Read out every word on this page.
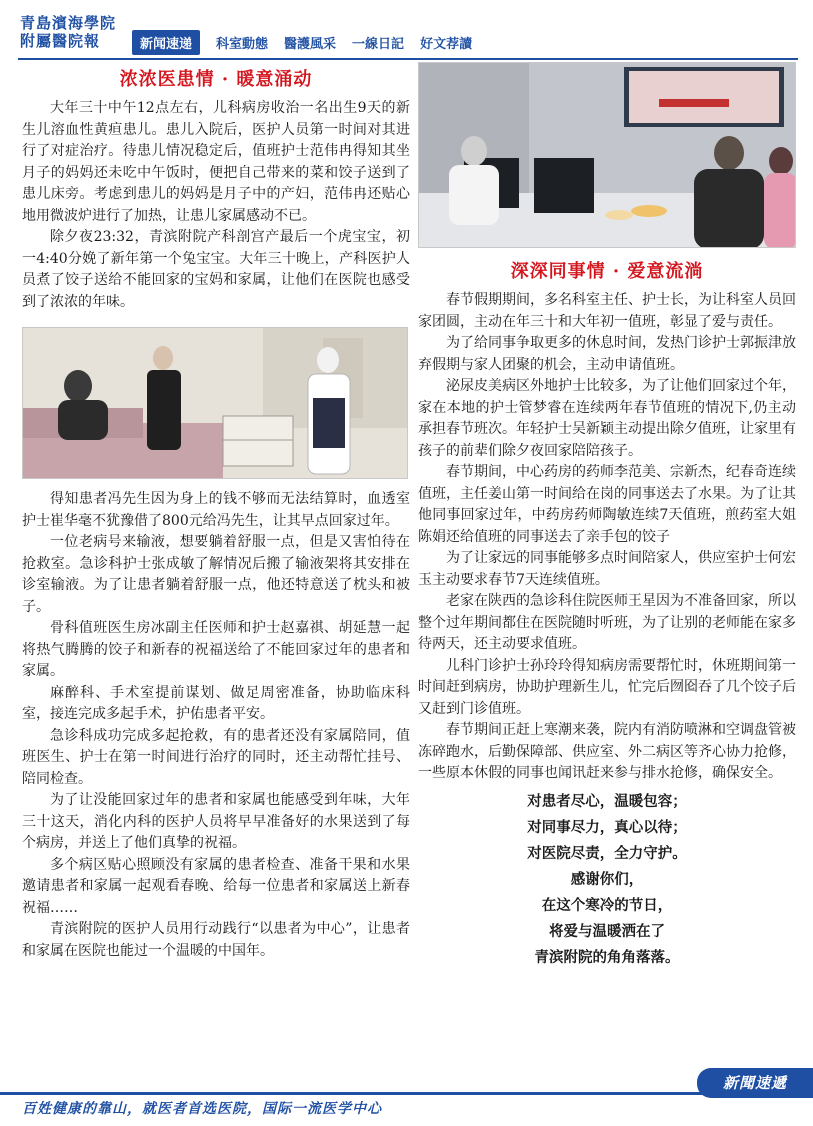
青島濱海學院
附屬醫院報	新闻速递	科室動態 醫護風采 一線日記 好文荐讀
浓浓医患情 · 暖意涌动

大年三十中午12点左右，儿科病房收治一名出生9天的新生儿溶血性黄疸患儿。患儿入院后，医护人员第一时间对其进行了对症治疗。待患儿情况稳定后，值班护士范伟冉得知其坐月子的妈妈还未吃中午饭时，便把自己带来的菜和饺子送到了患儿床旁。考虑到患儿的妈妈是月子中的产妇，范伟冉还贴心地用微波炉进行了加热，让患儿家属感动不已。

除夕夜23:32，青滨附院产科剖宫产最后一个虎宝宝，初一4:40分娩了新年第一个兔宝宝。大年三十晚上，产科医护人员煮了饺子送给不能回家的宝妈和家属，让他们在医院也感受到了浓浓的年味。

得知患者冯先生因为身上的钱不够而无法结算时，血透室护士崔华毫不犹豫借了800元给冯先生，让其早点回家过年。

一位老病号来输液，想要躺着舒服一点，但是又害怕待在抢救室。急诊科护士张成敏了解情况后搬了输液架将其安排在诊室输液。为了让患者躺着舒服一点，他还特意送了枕头和被子。

骨科值班医生房冰副主任医师和护士赵嘉祺、胡延慧一起将热气腾腾的饺子和新春的祝福送给了不能回家过年的患者和家属。

麻醉科、手术室提前谋划、做足周密准备，协助临床科室，接连完成多起手术，护佑患者平安。

急诊科成功完成多起抢救，有的患者还没有家属陪同，值班医生、护士在第一时间进行治疗的同时，还主动帮忙挂号、陪同检查。

为了让没能回家过年的患者和家属也能感受到年味，大年三十这天，消化内科的医护人员将早早准备好的水果送到了每个病房，并送上了他们真挚的祝福。

多个病区贴心照顾没有家属的患者检查、准备干果和水果邀请患者和家属一起观看春晚、给每一位患者和家属送上新春祝福……

青滨附院的医护人员用行动践行“以患者为中心”，让患者和家属在医院也能过一个温暖的中国年。

深深同事情 · 爱意流淌

春节假期期间，多名科室主任、护士长，为让科室人员回家团圆，主动在年三十和大年初一值班，彰显了爱与责任。

为了给同事争取更多的休息时间，发热门诊护士郭振津放弃假期与家人团聚的机会，主动申请值班。

泌尿皮美病区外地护士比较多，为了让他们回家过个年，家在本地的护士管梦睿在连续两年春节值班的情况下,仍主动承担春节班次。年轻护士吴新颖主动提出除夕值班，让家里有孩子的前辈们除夕夜回家陪陪孩子。

春节期间，中心药房的药师李范美、宗新杰，纪春奇连续值班，主任姜山第一时间给在岗的同事送去了水果。为了让其他同事回家过年，中药房药师陶敏连续7天值班，煎药室大姐陈娟还给值班的同事送去了亲手包的饺子

为了让家远的同事能够多点时间陪家人，供应室护士何宏玉主动要求春节7天连续值班。

老家在陕西的急诊科住院医师王星因为不准备回家，所以整个过年期间都住在医院随时听班，为了让别的老师能在家多待两天，还主动要求值班。

儿科门诊护士孙玲玲得知病房需要帮忙时，休班期间第一时间赶到病房，协助护理新生儿，忙完后囫囵吞了几个饺子后又赶到门诊值班。

春节期间正赶上寒潮来袭，院内有消防喷淋和空调盘管被冻碎跑水，后勤保障部、供应室、外二病区等齐心协力抢修，一些原本休假的同事也闻讯赶来参与排水抢修，确保安全。

对患者尽心，温暖包容；
对同事尽力，真心以待；
对医院尽责，全力守护。
感谢你们，
在这个寒冷的节日，
将爱与温暖洒在了
青滨附院的角角落落。
百姓健康的靠山，就医者首选医院，国际一流医学中心
新聞速遞
